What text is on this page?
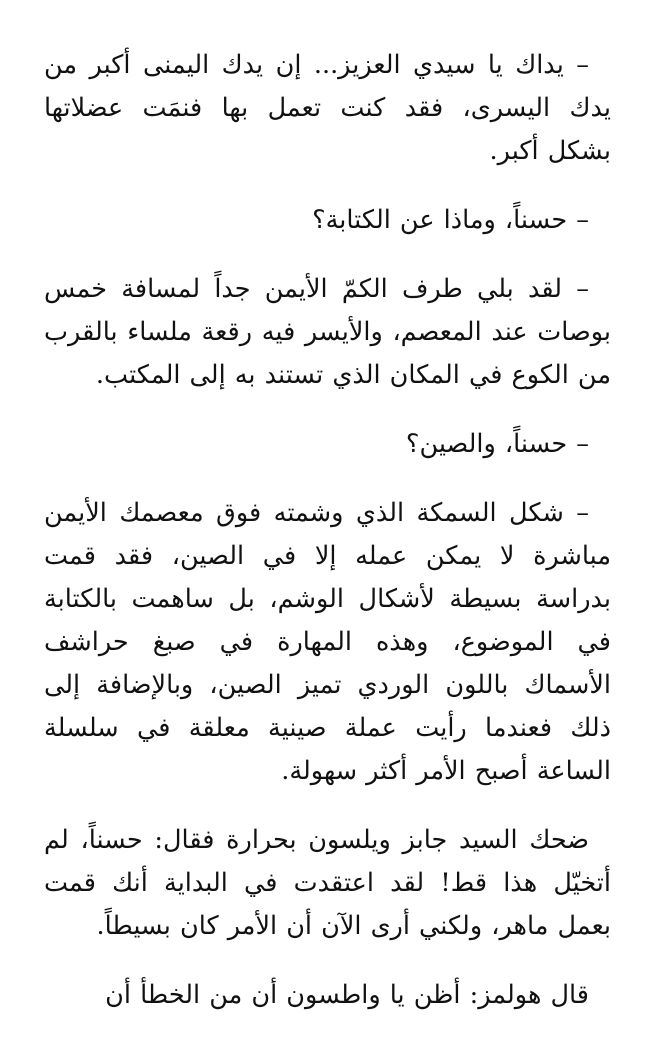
– يداك يا سيدي العزيز... إن يدك اليمنى أكبر من يدك اليسرى، فقد كنت تعمل بها فنمَت عضلاتها بشكل أكبر.

– حسناً، وماذا عن الكتابة؟

– لقد بلي طرف الكمّ الأيمن جداً لمسافة خمس بوصات عند المعصم، والأيسر فيه رقعة ملساء بالقرب من الكوع في المكان الذي تستند به إلى المكتب.

– حسناً، والصين؟

– شكل السمكة الذي وشمته فوق معصمك الأيمن مباشرة لا يمكن عمله إلا في الصين، فقد قمت بدراسة بسيطة لأشكال الوشم، بل ساهمت بالكتابة في الموضوع، وهذه المهارة في صبغ حراشف الأسماك باللون الوردي تميز الصين، وبالإضافة إلى ذلك فعندما رأيت عملة صينية معلقة في سلسلة الساعة أصبح الأمر أكثر سهولة.

ضحك السيد جابز ويلسون بحرارة فقال: حسناً، لم أتخيّل هذا قط! لقد اعتقدت في البداية أنك قمت بعمل ماهر، ولكني أرى الآن أن الأمر كان بسيطاً.

قال هولمز: أظن يا واطسون أن من الخطأ أن
